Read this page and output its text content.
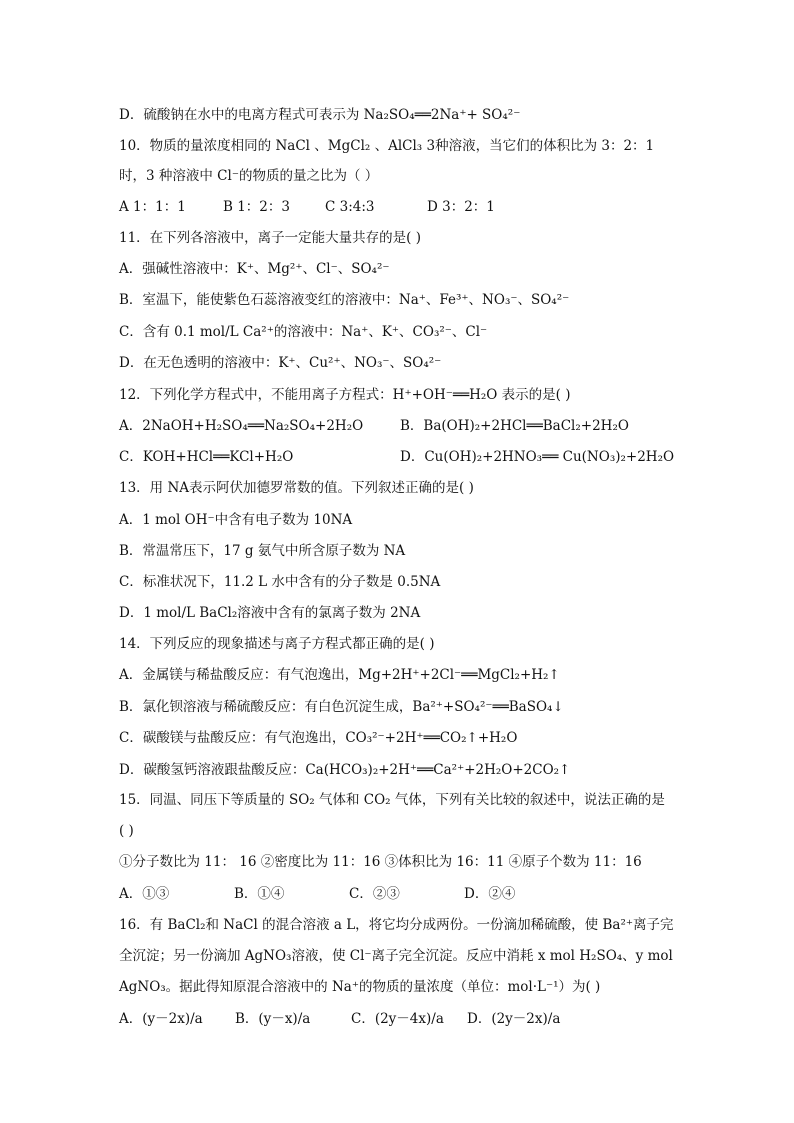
D．硫酸钠在水中的电离方程式可表示为 Na₂SO₄══2Na⁺+ SO₄²⁻
10．物质的量浓度相同的 NaCl 、MgCl₂ 、AlCl₃ 3种溶液，当它们的体积比为 3：2：1
时，3 种溶液中 Cl⁻的物质的量之比为（ ）
A 1：1：1	B 1：2：3	C 3:4:3	D 3：2：1
11．在下列各溶液中，离子一定能大量共存的是( )
A．强碱性溶液中：K⁺、Mg²⁺、Cl⁻、SO₄²⁻
B．室温下，能使紫色石蕊溶液变红的溶液中：Na⁺、Fe³⁺、NO₃⁻、SO₄²⁻
C．含有 0.1 mol/L Ca²⁺的溶液中：Na⁺、K⁺、CO₃²⁻、Cl⁻
D．在无色透明的溶液中：K⁺、Cu²⁺、NO₃⁻、SO₄²⁻
12．下列化学方程式中，不能用离子方程式：H⁺+OH⁻══H₂O 表示的是( )
A．2NaOH+H₂SO₄══Na₂SO₄+2H₂O	B．Ba(OH)₂+2HCl══BaCl₂+2H₂O
C．KOH+HCl══KCl+H₂O	D．Cu(OH)₂+2HNO₃══ Cu(NO₃)₂+2H₂O
13．用 NA表示阿伏加德罗常数的值。下列叙述正确的是( )
A．1 mol OH⁻中含有电子数为 10NA
B．常温常压下，17 g 氨气中所含原子数为 NA
C．标准状况下，11.2 L 水中含有的分子数是 0.5NA
D．1 mol/L BaCl₂溶液中含有的氯离子数为 2NA
14．下列反应的现象描述与离子方程式都正确的是( )
A．金属镁与稀盐酸反应：有气泡逸出，Mg+2H⁺+2Cl⁻══MgCl₂+H₂↑
B．氯化钡溶液与稀硫酸反应：有白色沉淀生成，Ba²⁺+SO₄²⁻══BaSO₄↓
C．碳酸镁与盐酸反应：有气泡逸出，CO₃²⁻+2H⁺══CO₂↑+H₂O
D．碳酸氢钙溶液跟盐酸反应：Ca(HCO₃)₂+2H⁺══Ca²⁺+2H₂O+2CO₂↑
15．同温、同压下等质量的 SO₂ 气体和 CO₂ 气体，下列有关比较的叙述中，说法正确的是
( )
①分子数比为 11： 16 ②密度比为 11：16 ③体积比为 16：11 ④原子个数为 11：16
A．①③	B．①④	C．②③	D．②④
16．有 BaCl₂和 NaCl 的混合溶液 a L，将它均分成两份。一份滴加稀硫酸，使 Ba²⁺离子完
全沉淀；另一份滴加 AgNO₃溶液，使 Cl⁻离子完全沉淀。反应中消耗 x mol H₂SO₄、y mol
AgNO₃。据此得知原混合溶液中的 Na⁺的物质的量浓度（单位：mol·L⁻¹）为( )
A．(y－2x)/a B．(y－x)/a	C．(2y－4x)/a D．(2y－2x)/a
